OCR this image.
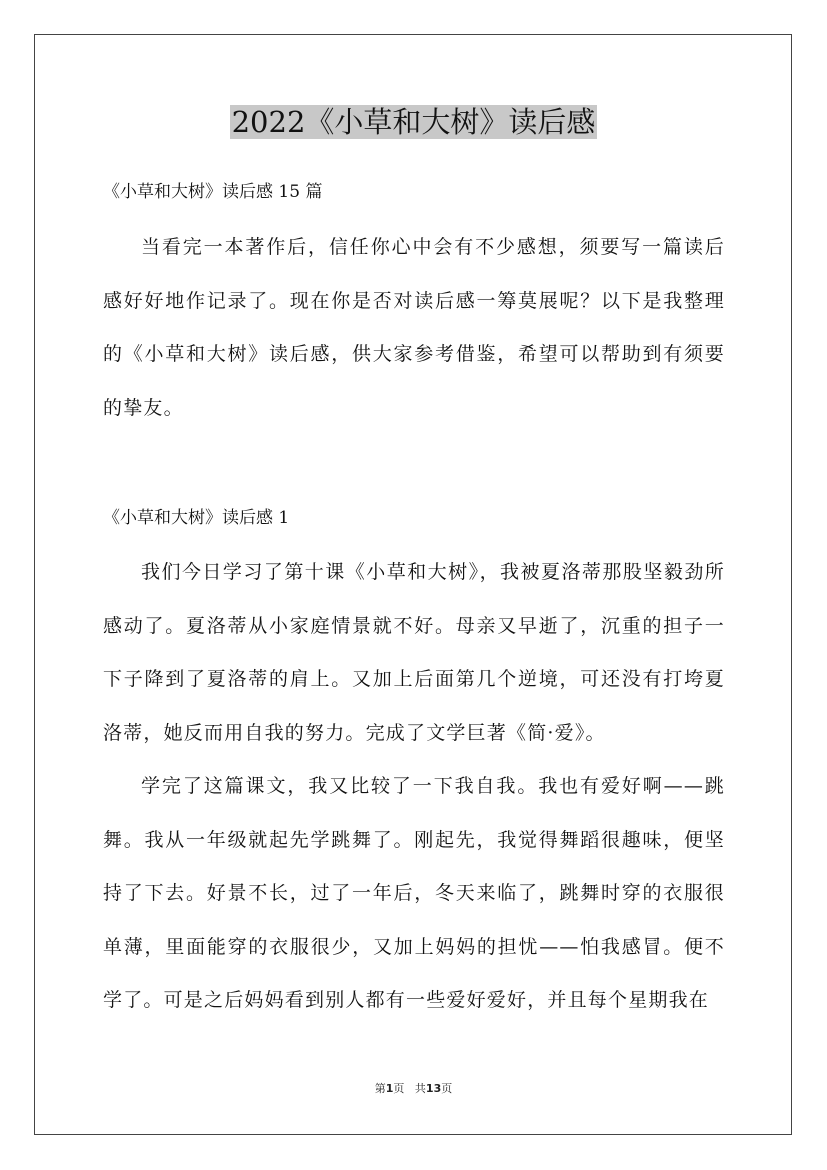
2022《小草和大树》读后感

《小草和大树》读后感 15 篇

当看完一本著作后，信任你心中会有不少感想，须要写一篇读后感好好地作记录了。现在你是否对读后感一筹莫展呢？以下是我整理的《小草和大树》读后感，供大家参考借鉴，希望可以帮助到有须要的挚友。

《小草和大树》读后感 1

我们今日学习了第十课《小草和大树》，我被夏洛蒂那股坚毅劲所感动了。夏洛蒂从小家庭情景就不好。母亲又早逝了，沉重的担子一下子降到了夏洛蒂的肩上。又加上后面第几个逆境，可还没有打垮夏洛蒂，她反而用自我的努力。完成了文学巨著《简·爱》。

学完了这篇课文，我又比较了一下我自我。我也有爱好啊——跳舞。我从一年级就起先学跳舞了。刚起先，我觉得舞蹈很趣味，便坚持了下去。好景不长，过了一年后，冬天来临了，跳舞时穿的衣服很单薄，里面能穿的衣服很少，又加上妈妈的担忧——怕我感冒。便不学了。可是之后妈妈看到别人都有一些爱好爱好，并且每个星期我在

第1页 共13页
